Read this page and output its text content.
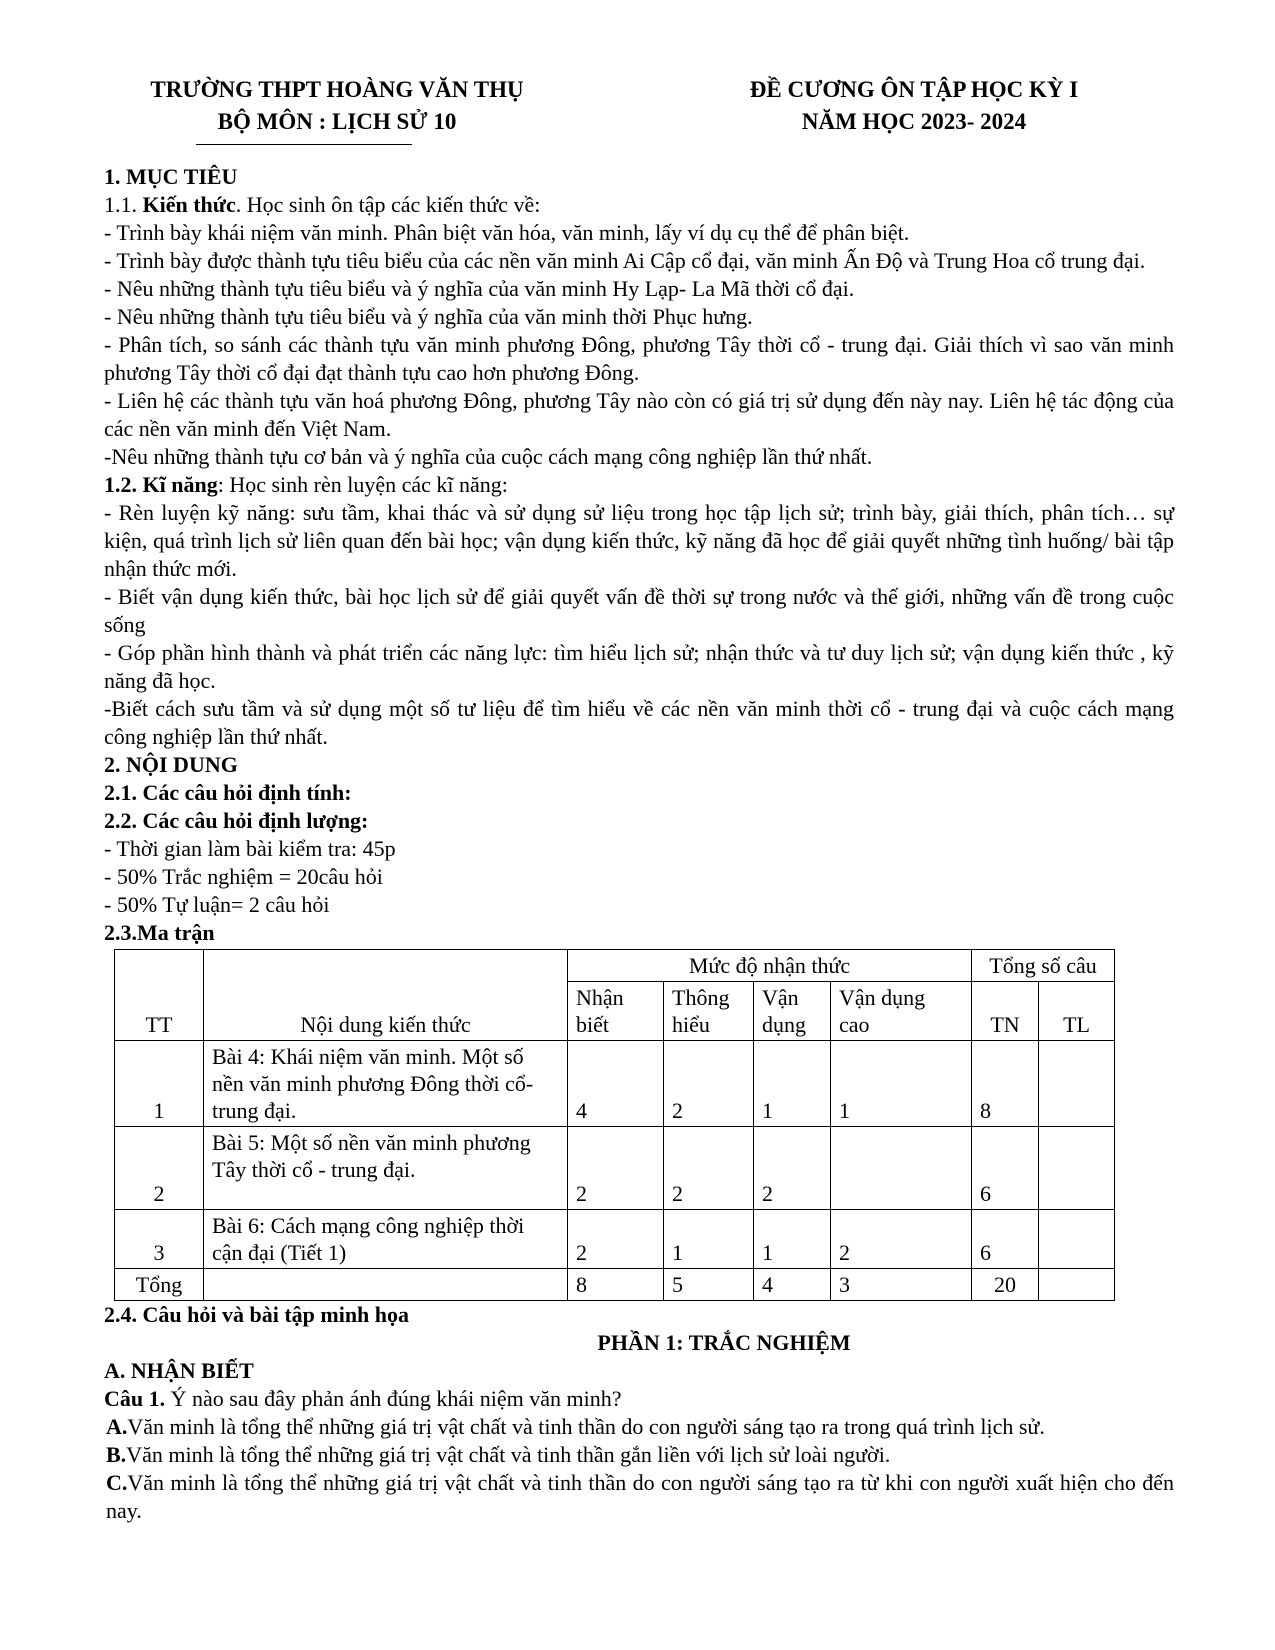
TRƯỜNG THPT HOÀNG VĂN THỤ
BỘ MÔN : LỊCH SỬ 10
ĐỀ CƯƠNG ÔN TẬP HỌC KỲ I
NĂM HỌC 2023- 2024

1. MỤC TIÊU

1.1. Kiến thức. Học sinh ôn tập các kiến thức về:

- Trình bày khái niệm văn minh. Phân biệt văn hóa, văn minh, lấy ví dụ cụ thể để phân biệt.

- Trình bày được thành tựu tiêu biểu của các nền văn minh Ai Cập cổ đại, văn minh Ấn Độ và Trung Hoa cổ trung đại.

- Nêu những thành tựu tiêu biểu và ý nghĩa của văn minh Hy Lạp- La Mã thời cổ đại.

- Nêu những thành tựu tiêu biểu và ý nghĩa của văn minh thời Phục hưng.

- Phân tích, so sánh các thành tựu văn minh phương Đông, phương Tây thời cổ - trung đại. Giải thích vì sao văn minh phương Tây thời cổ đại đạt thành tựu cao hơn phương Đông.

- Liên hệ các thành tựu văn hoá phương Đông, phương Tây nào còn có giá trị sử dụng đến này nay. Liên hệ tác động của các nền văn minh đến Việt Nam.

-Nêu những thành tựu cơ bản và ý nghĩa của cuộc cách mạng công nghiệp lần thứ nhất.

1.2. Kĩ năng: Học sinh rèn luyện các kĩ năng:

- Rèn luyện kỹ năng: sưu tầm, khai thác và sử dụng sử liệu trong học tập lịch sử; trình bày, giải thích, phân tích… sự kiện, quá trình lịch sử liên quan đến bài học; vận dụng kiến thức, kỹ năng đã học để giải quyết những tình huống/ bài tập nhận thức mới.

- Biết vận dụng kiến thức, bài học lịch sử để giải quyết vấn đề thời sự trong nước và thế giới, những vấn đề trong cuộc sống

- Góp phần hình thành và phát triển các năng lực: tìm hiểu lịch sử; nhận thức và tư duy lịch sử; vận dụng kiến thức , kỹ năng đã học.

-Biết cách sưu tầm và sử dụng một số tư liệu để tìm hiểu về các nền văn minh thời cổ - trung đại và cuộc cách mạng công nghiệp lần thứ nhất.

2. NỘI DUNG

2.1. Các câu hỏi định tính:

2.2. Các câu hỏi định lượng:

- Thời gian làm bài kiểm tra: 45p

- 50% Trắc nghiệm = 20câu hỏi

- 50% Tự luận= 2 câu hỏi

2.3.Ma trận

TT	Nội dung kiến thức	Mức độ nhận thức				Tổng số câu	
		Nhận
biết	Thông
hiểu	Vận
dụng	Vận dụng
cao	TN	TL
1	Bài 4: Khái niệm văn minh. Một số nền văn minh phương Đông thời cổ- trung đại.	4	2	1	1	8	
2	Bài 5: Một số nền văn minh phương Tây thời cổ - trung đại.	2	2	2		6	
3	Bài 6: Cách mạng công nghiệp thời cận đại (Tiết 1)	2	1	1	2	6	
Tổng		8	5	4	3	20	

2.4. Câu hỏi và bài tập minh họa

PHẦN 1: TRẮC NGHIỆM

A. NHẬN BIẾT

Câu 1. Ý nào sau đây phản ánh đúng khái niệm văn minh?

A.Văn minh là tổng thể những giá trị vật chất và tinh thần do con người sáng tạo ra trong quá trình lịch sử.

B.Văn minh là tổng thể những giá trị vật chất và tinh thần gắn liền với lịch sử loài người.

C.Văn minh là tổng thể những giá trị vật chất và tinh thần do con người sáng tạo ra từ khi con người xuất hiện cho đến nay.
